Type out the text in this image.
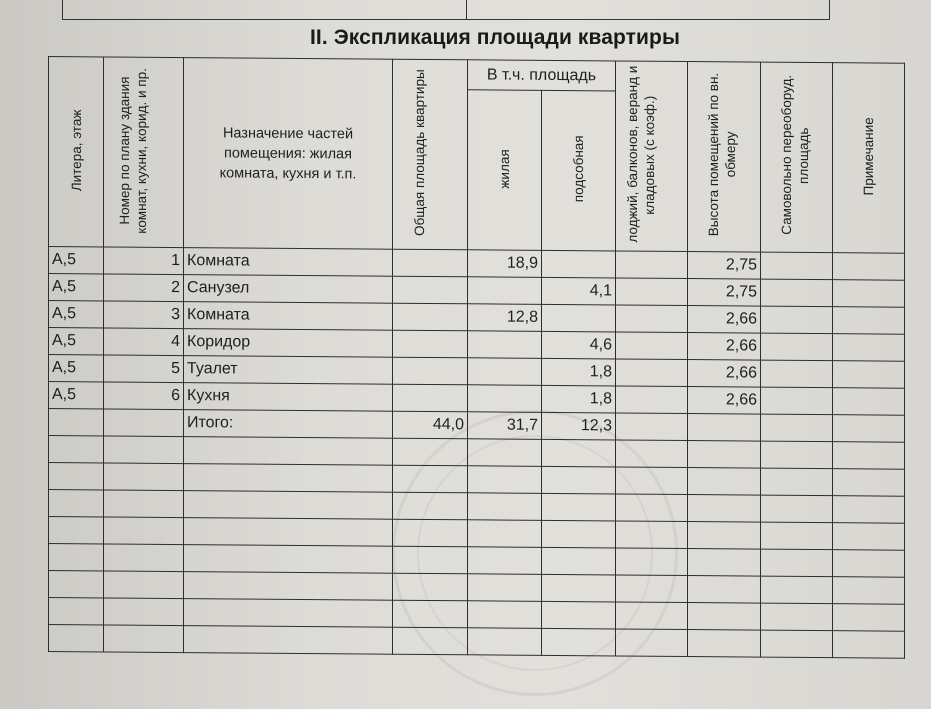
II. Экспликация площади квартиры
Литера, этаж	Номер по плану здания комнат, кухни, корид. и пр.	Назначение частей помещения: жилая комната, кухня и т.п.	Общая площадь квартиры	В т.ч. площадь		лоджий, балконов, веранд и кладовых (с коэф.)	Высота помещений по вн. обмеру	Самовольно переоборуд. площадь	Примечание
				жилая	подсобная				
А,5	1	Комната		18,9			2,75		
А,5	2	Санузел			4,1		2,75		
А,5	3	Комната		12,8			2,66		
А,5	4	Коридор			4,6		2,66		
А,5	5	Туалет			1,8		2,66		
А,5	6	Кухня			1,8		2,66		
		Итого:	44,0	31,7	12,3				
